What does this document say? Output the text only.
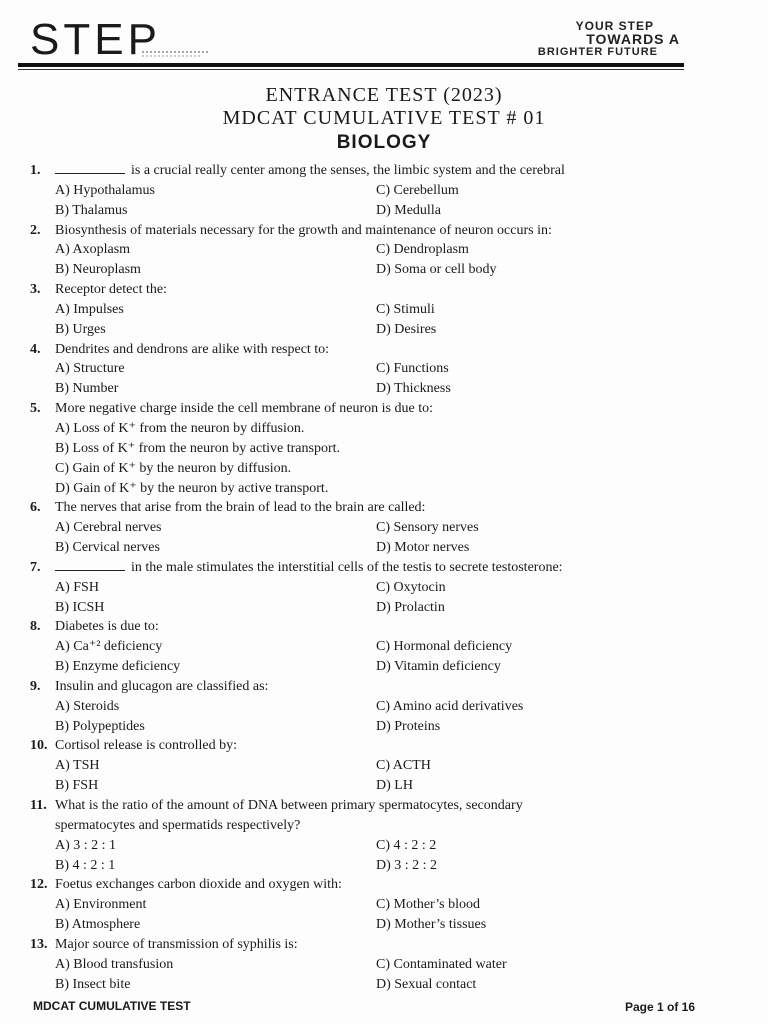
STEP	YOUR STEP
TOWARDS A
BRIGHTER FUTURE
ENTRANCE TEST (2023)
MDCAT CUMULATIVE TEST # 01
BIOLOGY
1.	is a crucial really center among the senses, the limbic system and the cerebral
A) Hypothalamus	C) Cerebellum
B) Thalamus	D) Medulla
2.	Biosynthesis of materials necessary for the growth and maintenance of neuron occurs in:
A) Axoplasm	C) Dendroplasm
B) Neuroplasm	D) Soma or cell body
3.	Receptor detect the:
A) Impulses	C) Stimuli
B) Urges	D) Desires
4.	Dendrites and dendrons are alike with respect to:
A) Structure	C) Functions
B) Number	D) Thickness
5.	More negative charge inside the cell membrane of neuron is due to:
A) Loss of K⁺ from the neuron by diffusion.
B) Loss of K⁺ from the neuron by active transport.
C) Gain of K⁺ by the neuron by diffusion.
D) Gain of K⁺ by the neuron by active transport.
6.	The nerves that arise from the brain of lead to the brain are called:
A) Cerebral nerves	C) Sensory nerves
B) Cervical nerves	D) Motor nerves
7.	in the male stimulates the interstitial cells of the testis to secrete testosterone:
A) FSH	C) Oxytocin
B) ICSH	D) Prolactin
8.	Diabetes is due to:
A) Ca⁺² deficiency	C) Hormonal deficiency
B) Enzyme deficiency	D) Vitamin deficiency
9.	Insulin and glucagon are classified as:
A) Steroids	C) Amino acid derivatives
B) Polypeptides	D) Proteins
10. Cortisol release is controlled by:
A) TSH	C) ACTH
B) FSH	D) LH
11. What is the ratio of the amount of DNA between primary spermatocytes, secondary
spermatocytes and spermatids respectively?
A) 3 : 2 : 1	C) 4 : 2 : 2
B) 4 : 2 : 1	D) 3 : 2 : 2
12. Foetus exchanges carbon dioxide and oxygen with:
A) Environment	C) Mother’s blood
B) Atmosphere	D) Mother’s tissues
13. Major source of transmission of syphilis is:
A) Blood transfusion	C) Contaminated water
B) Insect bite	D) Sexual contact
MDCAT CUMULATIVE TEST	Page 1 of 16
